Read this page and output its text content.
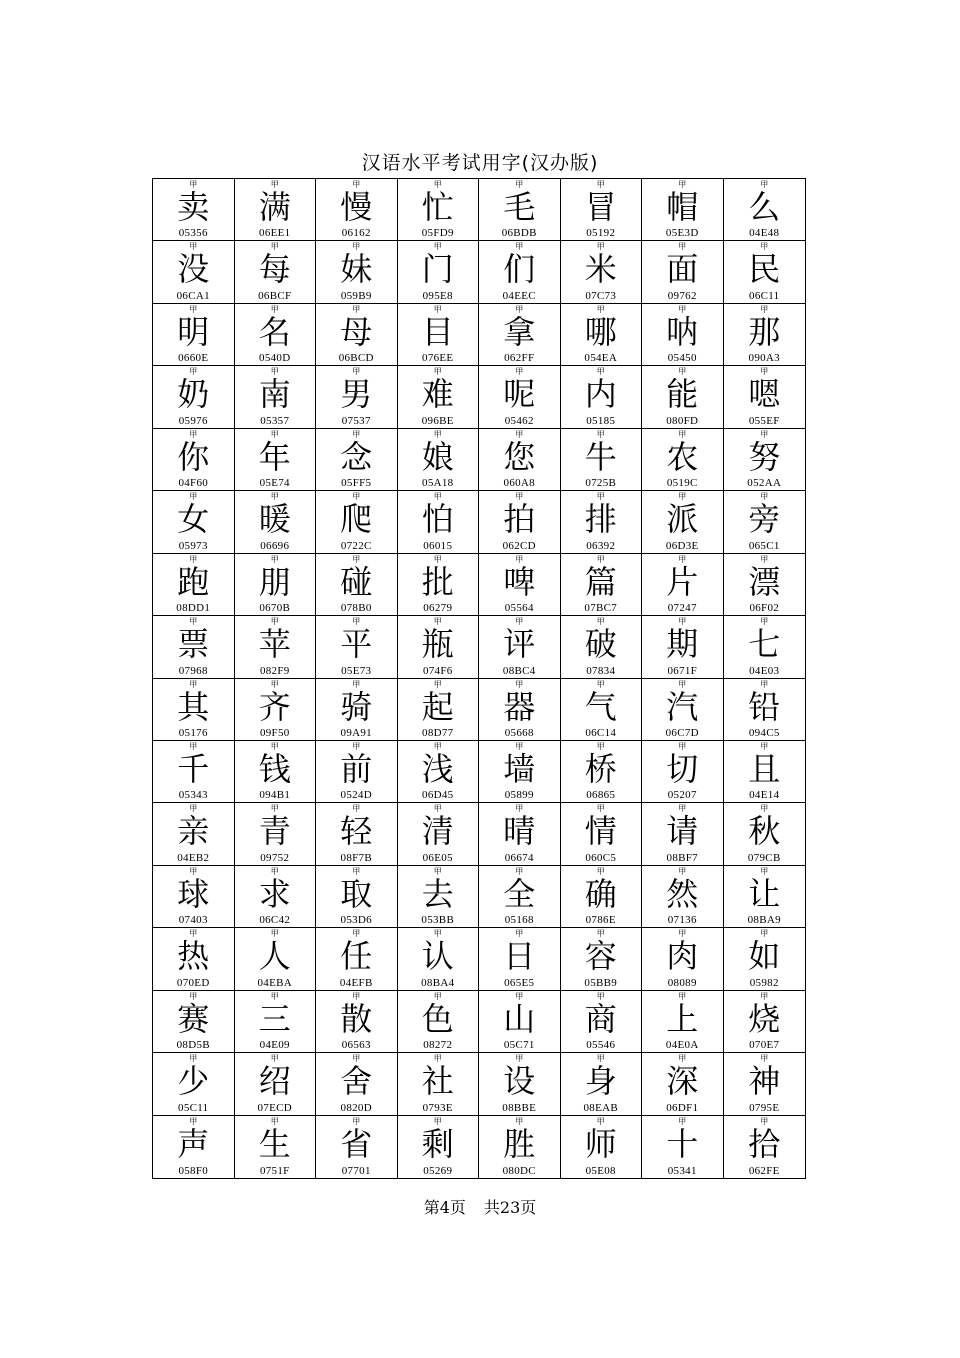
汉语水平考试用字(汉办版)
甲
卖
05356
甲
满
06EE1
甲
慢
06162
甲
忙
05FD9
甲
毛
06BDB
甲
冒
05192
甲
帽
05E3D
甲
么
04E48
甲
没
06CA1
甲
每
06BCF
甲
妹
059B9
甲
门
095E8
甲
们
04EEC
甲
米
07C73
甲
面
09762
甲
民
06C11
甲
明
0660E
甲
名
0540D
甲
母
06BCD
甲
目
076EE
甲
拿
062FF
甲
哪
054EA
甲
呐
05450
甲
那
090A3
甲
奶
05976
甲
南
05357
甲
男
07537
甲
难
096BE
甲
呢
05462
甲
内
05185
甲
能
080FD
甲
嗯
055EF
甲
你
04F60
甲
年
05E74
甲
念
05FF5
甲
娘
05A18
甲
您
060A8
甲
牛
0725B
甲
农
0519C
甲
努
052AA
甲
女
05973
甲
暖
06696
甲
爬
0722C
甲
怕
06015
甲
拍
062CD
甲
排
06392
甲
派
06D3E
甲
旁
065C1
甲
跑
08DD1
甲
朋
0670B
甲
碰
078B0
甲
批
06279
甲
啤
05564
甲
篇
07BC7
甲
片
07247
甲
漂
06F02
甲
票
07968
甲
苹
082F9
甲
平
05E73
甲
瓶
074F6
甲
评
08BC4
甲
破
07834
甲
期
0671F
甲
七
04E03
甲
其
05176
甲
齐
09F50
甲
骑
09A91
甲
起
08D77
甲
器
05668
甲
气
06C14
甲
汽
06C7D
甲
铅
094C5
甲
千
05343
甲
钱
094B1
甲
前
0524D
甲
浅
06D45
甲
墙
05899
甲
桥
06865
甲
切
05207
甲
且
04E14
甲
亲
04EB2
甲
青
09752
甲
轻
08F7B
甲
清
06E05
甲
晴
06674
甲
情
060C5
甲
请
08BF7
甲
秋
079CB
甲
球
07403
甲
求
06C42
甲
取
053D6
甲
去
053BB
甲
全
05168
甲
确
0786E
甲
然
07136
甲
让
08BA9
甲
热
070ED
甲
人
04EBA
甲
任
04EFB
甲
认
08BA4
甲
日
065E5
甲
容
05BB9
甲
肉
08089
甲
如
05982
甲
赛
08D5B
甲
三
04E09
甲
散
06563
甲
色
08272
甲
山
05C71
甲
商
05546
甲
上
04E0A
甲
烧
070E7
甲
少
05C11
甲
绍
07ECD
甲
舍
0820D
甲
社
0793E
甲
设
08BBE
甲
身
08EAB
甲
深
06DF1
甲
神
0795E
甲
声
058F0
甲
生
0751F
甲
省
07701
甲
剩
05269
甲
胜
080DC
甲
师
05E08
甲
十
05341
甲
拾
062FE
第4页 共23页
